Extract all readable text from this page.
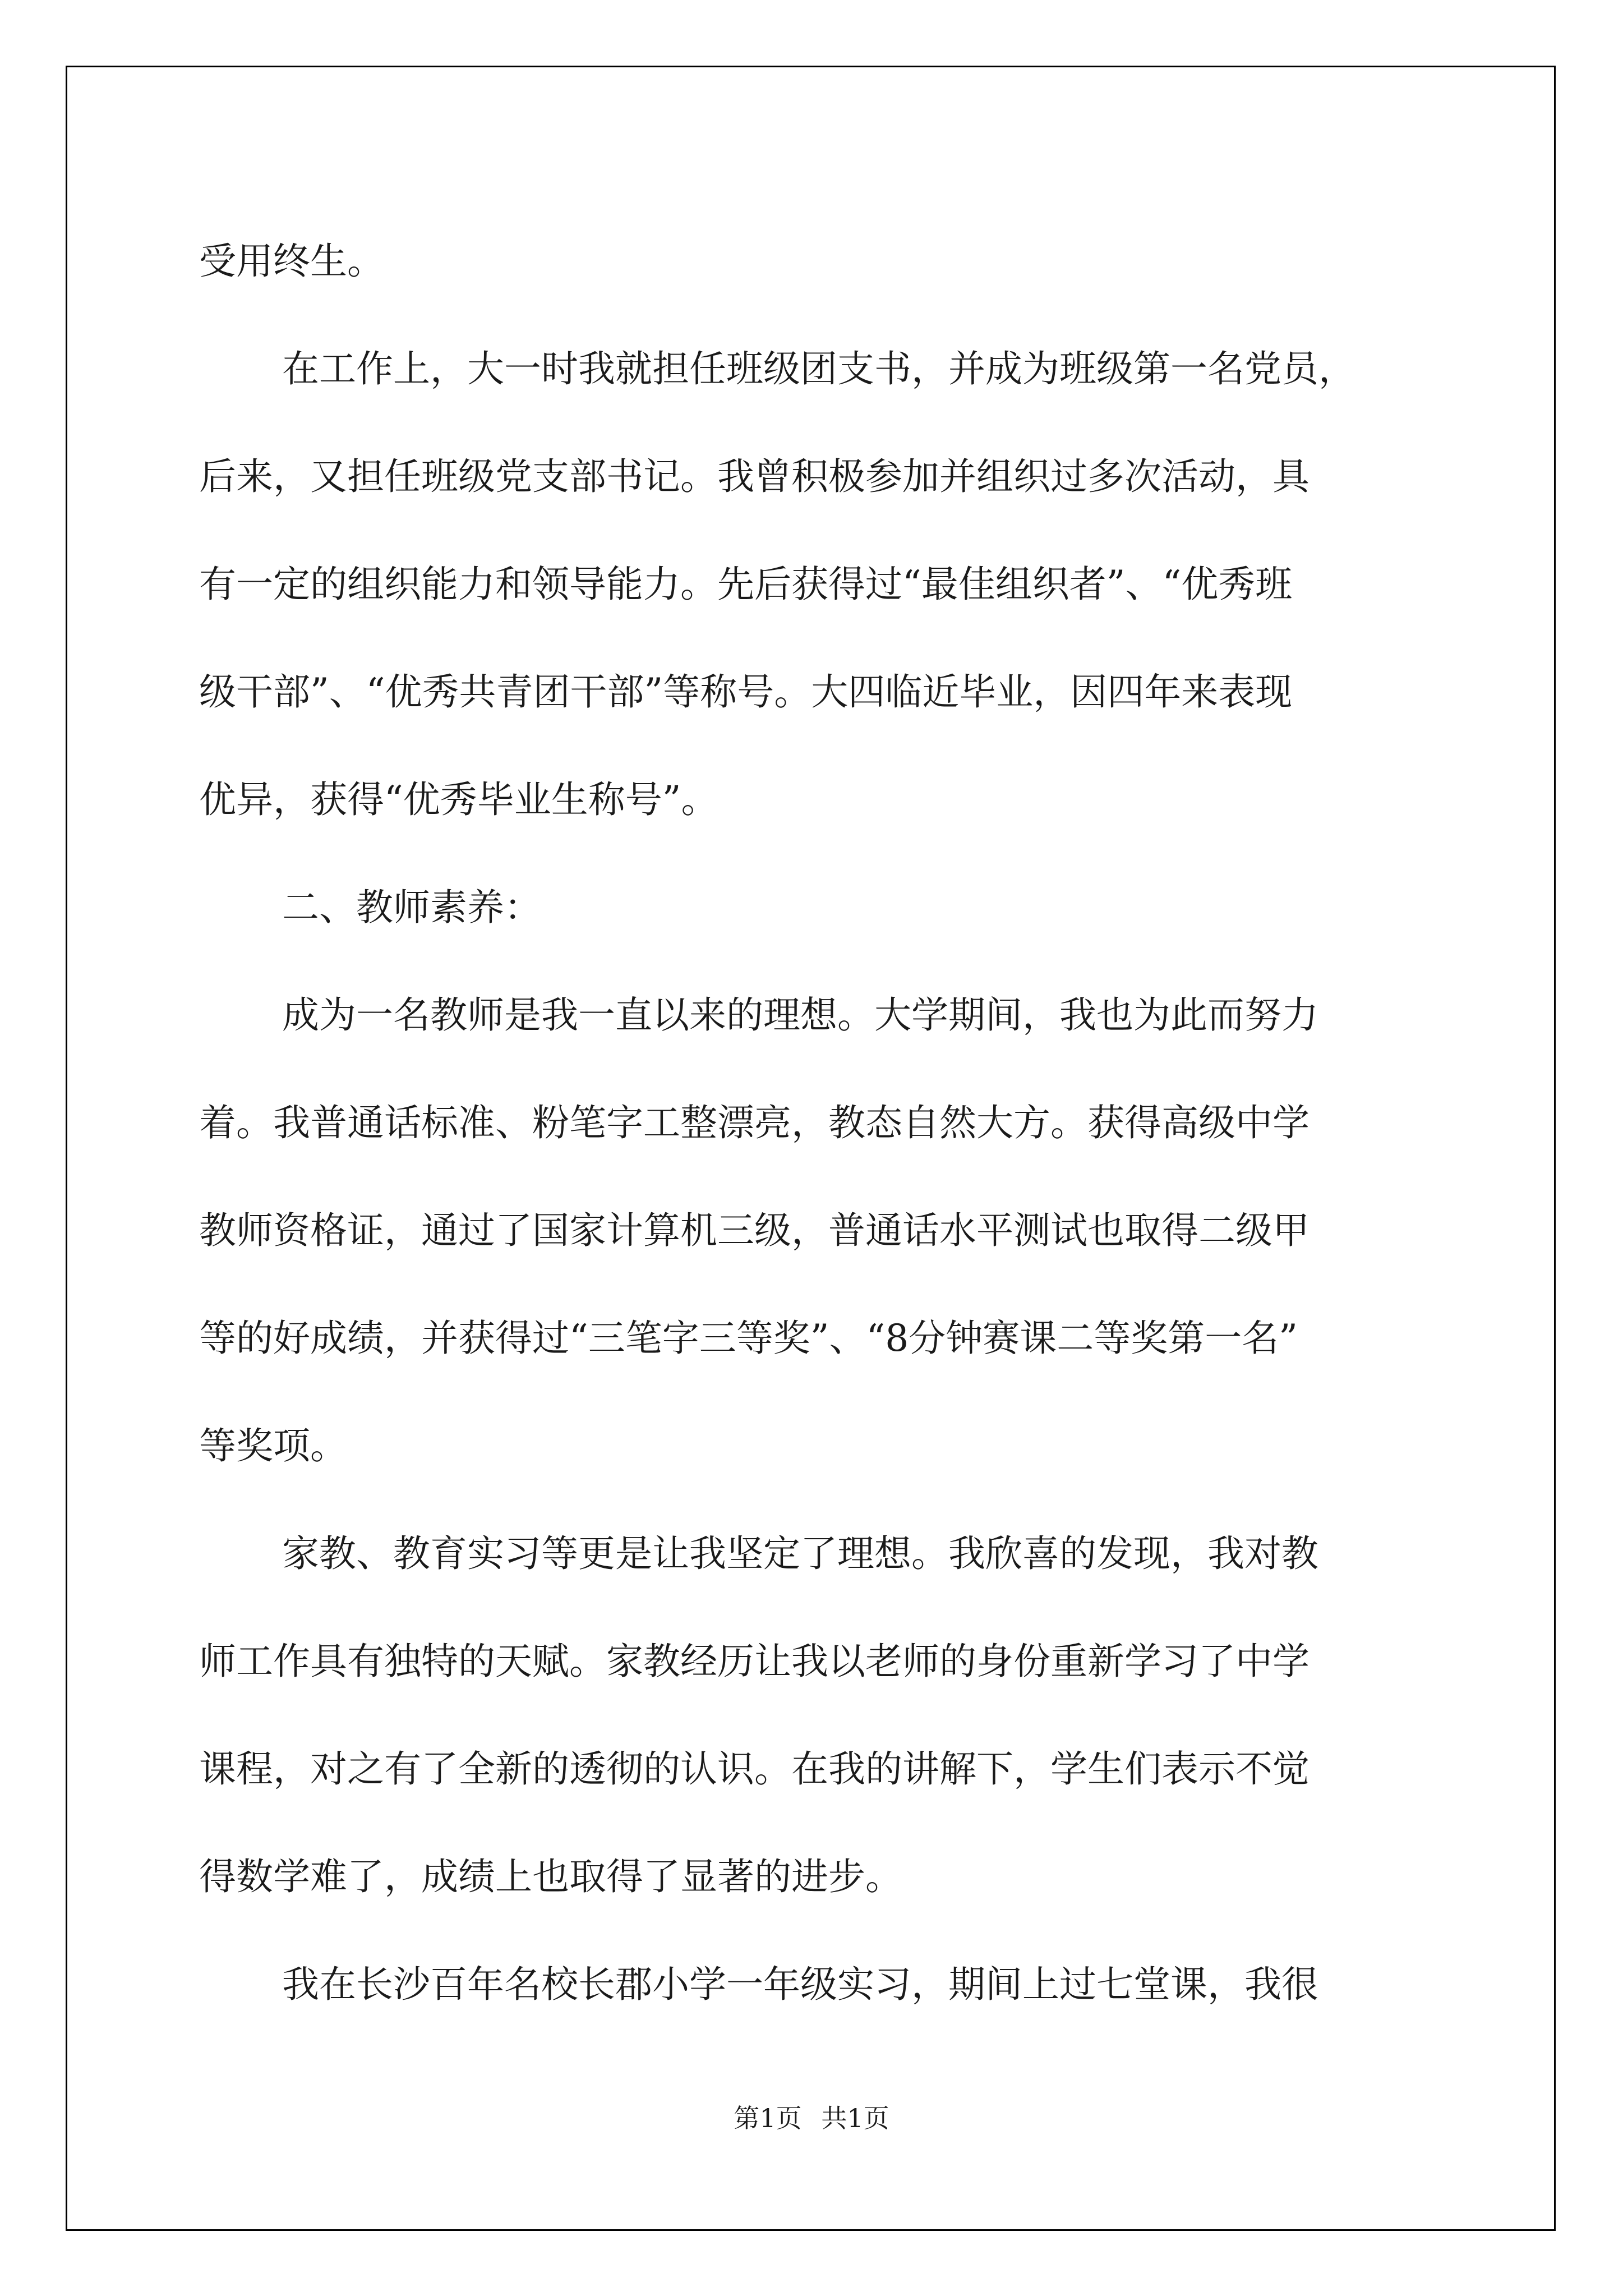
受用终生。
在工作上，大一时我就担任班级团支书，并成为班级第一名党员，
后来，又担任班级党支部书记。我曾积极参加并组织过多次活动，具
有一定的组织能力和领导能力。先后获得过“最佳组织者”、“优秀班
级干部”、“优秀共青团干部”等称号。大四临近毕业，因四年来表现
优异，获得“优秀毕业生称号”。
二、教师素养：
成为一名教师是我一直以来的理想。大学期间，我也为此而努力
着。我普通话标准、粉笔字工整漂亮，教态自然大方。获得高级中学
教师资格证，通过了国家计算机三级，普通话水平测试也取得二级甲
等的好成绩，并获得过“三笔字三等奖”、“8分钟赛课二等奖第一名”
等奖项。
家教、教育实习等更是让我坚定了理想。我欣喜的发现，我对教
师工作具有独特的天赋。家教经历让我以老师的身份重新学习了中学
课程，对之有了全新的透彻的认识。在我的讲解下，学生们表示不觉
得数学难了，成绩上也取得了显著的进步。
我在长沙百年名校长郡小学一年级实习，期间上过七堂课，我很
第1页 共1页
